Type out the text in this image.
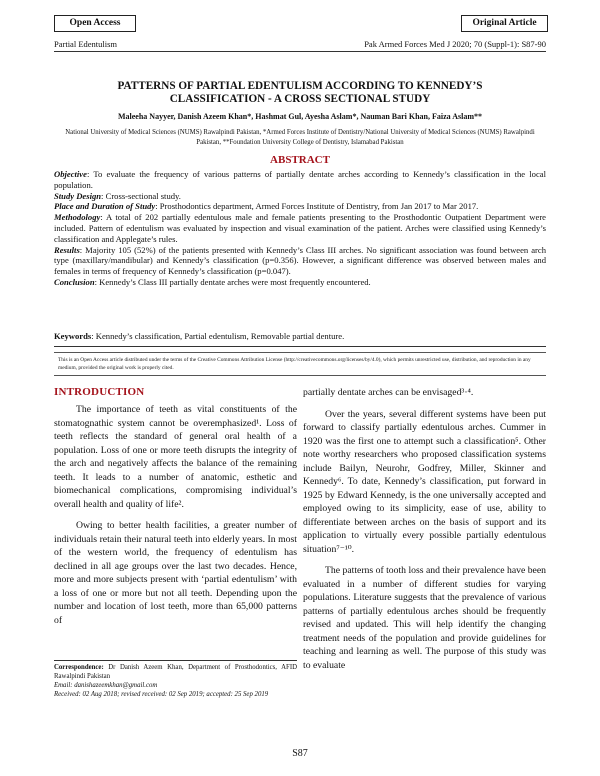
Open Access	Original Article
Partial Edentulism	Pak Armed Forces Med J 2020; 70 (Suppl-1): S87-90
PATTERNS OF PARTIAL EDENTULISM ACCORDING TO KENNEDY’S
CLASSIFICATION - A CROSS SECTIONAL STUDY
Maleeha Nayyer, Danish Azeem Khan*, Hashmat Gul, Ayesha Aslam*, Nauman Bari Khan, Faiza Aslam**
National University of Medical Sciences (NUMS) Rawalpindi Pakistan, *Armed Forces Institute of Dentistry/National University of Medical Sciences (NUMS) Rawalpindi Pakistan, **Foundation University College of Dentistry, Islamabad Pakistan
ABSTRACT

Objective: To evaluate the frequency of various patterns of partially dentate arches according to Kennedy’s classification in the local population.

Study Design: Cross-sectional study.

Place and Duration of Study: Prosthodontics department, Armed Forces Institute of Dentistry, from Jan 2017 to Mar 2017.

Methodology: A total of 202 partially edentulous male and female patients presenting to the Prosthodontic Outpatient Department were included. Pattern of edentulism was evaluated by inspection and visual examination of the patient. Arches were classified using Kennedy’s classification and Applegate’s rules.

Results: Majority 105 (52%) of the patients presented with Kennedy’s Class III arches. No significant association was found between arch type (maxillary/mandibular) and Kennedy’s classification (p=0.356). However, a significant difference was observed between males and females in terms of frequency of Kennedy’s classification (p=0.047).

Conclusion: Kennedy’s Class III partially dentate arches were most frequently encountered.

Keywords: Kennedy’s classification, Partial edentulism, Removable partial denture.
This is an Open Access article distributed under the terms of the Creative Commons Attribution License (http://creativecommons.org/licenses/by/4.0), which permits unrestricted use, distribution, and reproduction in any medium, provided the original work is properly cited.

INTRODUCTION

The importance of teeth as vital constituents of the stomatognathic system cannot be overemphasized¹. Loss of teeth reflects the standard of general oral health of a population. Loss of one or more teeth disrupts the integrity of the arch and negatively affects the balance of the remaining teeth. It leads to a number of anatomic, esthetic and biomechanical complications, compromising individual’s overall health and quality of life².

Owing to better health facilities, a greater number of individuals retain their natural teeth into elderly years. In most of the western world, the frequency of edentulism has declined in all age groups over the last two decades. Hence, more and more subjects present with ‘partial edentulism’ with a loss of one or more but not all teeth. Depending upon the number and location of lost teeth, more than 65,000 patterns of

partially dentate arches can be envisaged³·⁴.

Over the years, several different systems have been put forward to classify partially edentulous arches. Cummer in 1920 was the first one to attempt such a classification⁵. Other note worthy researchers who proposed classification systems include Bailyn, Neurohr, Godfrey, Miller, Skinner and Kennedy⁶. To date, Kennedy’s classification, put forward in 1925 by Edward Kennedy, is the one universally accepted and employed owing to its simplicity, ease of use, ability to differentiate between arches on the basis of support and its application to virtually every possible partially edentulous situation⁷⁻¹⁰.

The patterns of tooth loss and their prevalence have been evaluated in a number of different studies for varying populations. Literature suggests that the prevalence of various patterns of partially edentulous arches should be frequently revised and updated. This will help identify the changing treatment needs of the population and provide guidelines for teaching and learning as well. The purpose of this study was to evaluate

Correspondence: Dr Danish Azeem Khan, Department of Prosthodontics, AFID Rawalpindi Pakistan
Email: danishazeemkhan@gmail.com
Received: 02 Aug 2018; revised received: 02 Sep 2019; accepted: 25 Sep 2019
S87
